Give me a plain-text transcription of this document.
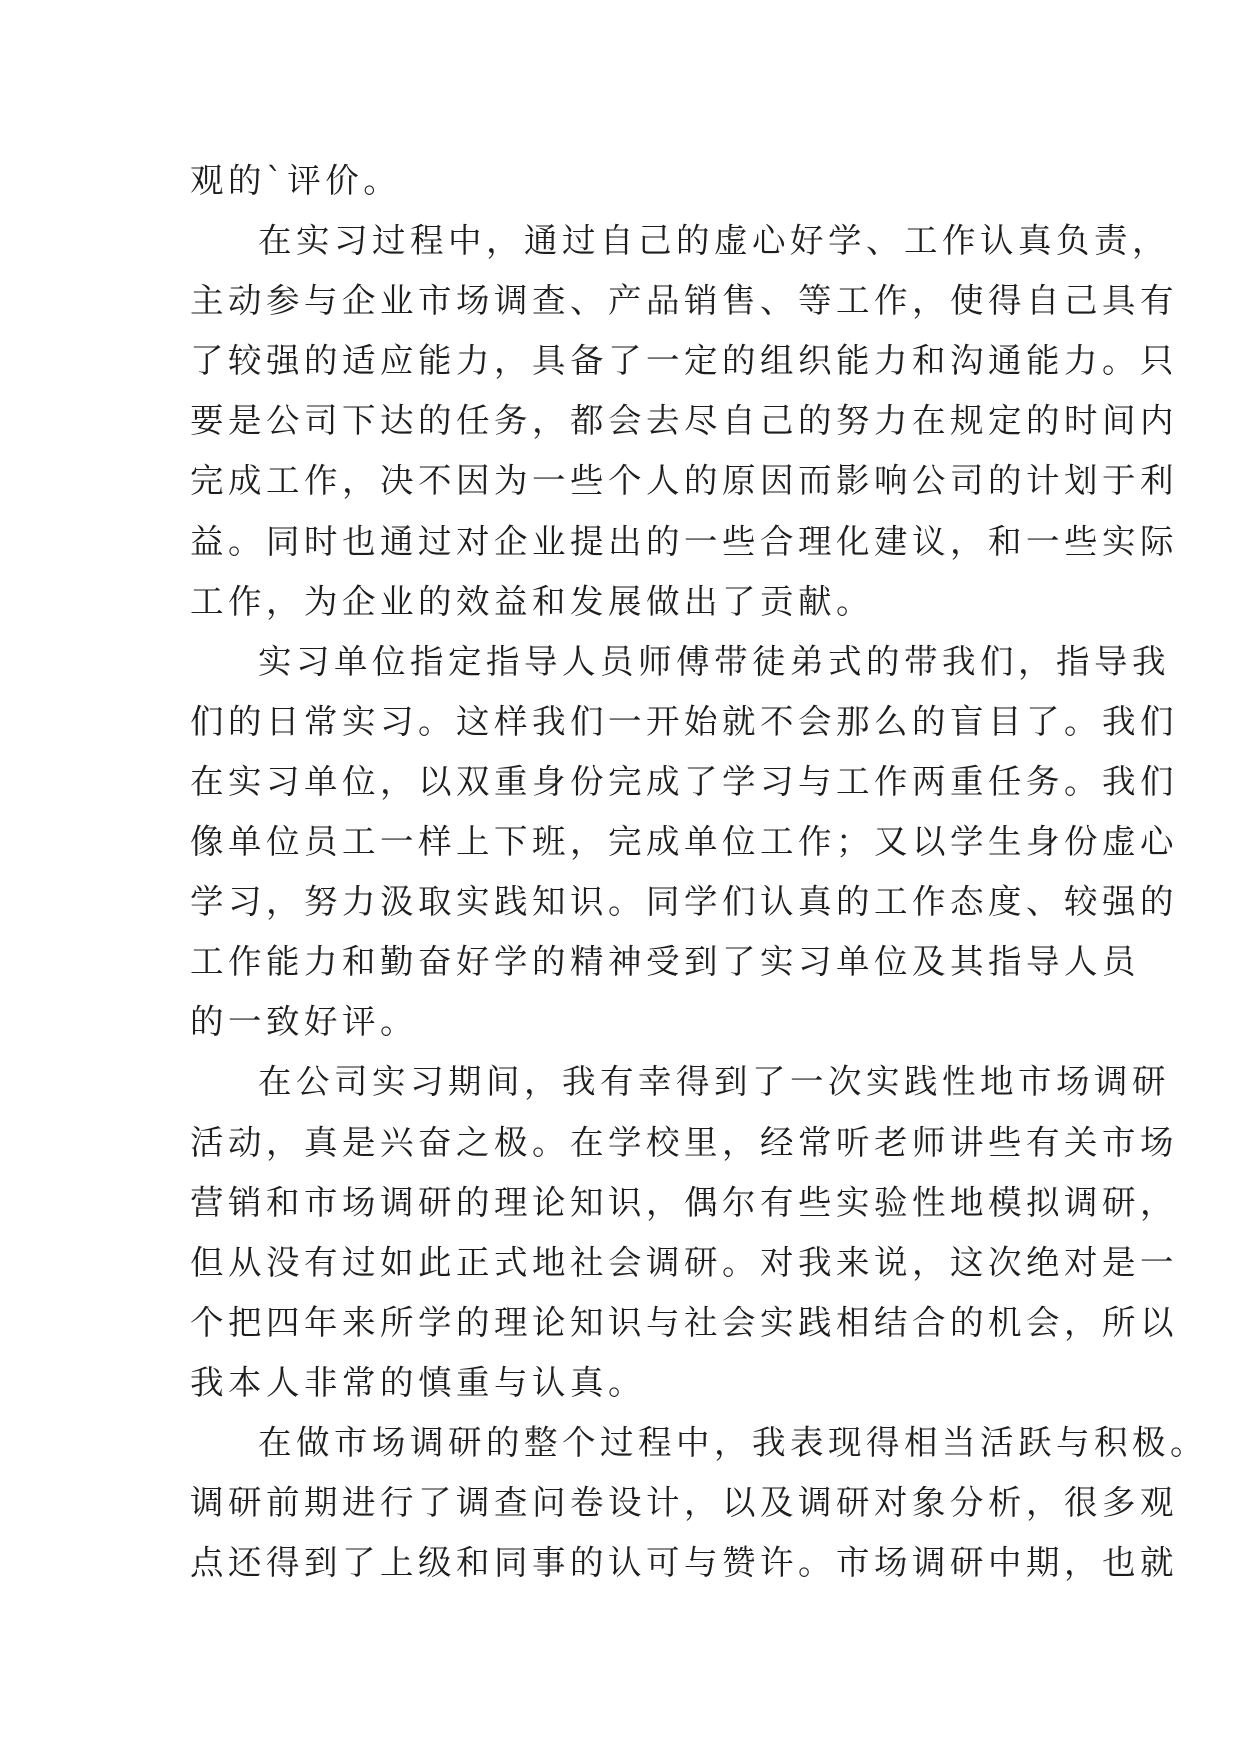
观的`评价。
在实习过程中，通过自己的虚心好学、工作认真负责，
主动参与企业市场调查、产品销售、等工作，使得自己具有
了较强的适应能力，具备了一定的组织能力和沟通能力。只
要是公司下达的任务，都会去尽自己的努力在规定的时间内
完成工作，决不因为一些个人的原因而影响公司的计划于利
益。同时也通过对企业提出的一些合理化建议，和一些实际
工作，为企业的效益和发展做出了贡献。
实习单位指定指导人员师傅带徒弟式的带我们，指导我
们的日常实习。这样我们一开始就不会那么的盲目了。我们
在实习单位，以双重身份完成了学习与工作两重任务。我们
像单位员工一样上下班，完成单位工作；又以学生身份虚心
学习，努力汲取实践知识。同学们认真的工作态度、较强的
工作能力和勤奋好学的精神受到了实习单位及其指导人员
的一致好评。
在公司实习期间，我有幸得到了一次实践性地市场调研
活动，真是兴奋之极。在学校里，经常听老师讲些有关市场
营销和市场调研的理论知识，偶尔有些实验性地模拟调研，
但从没有过如此正式地社会调研。对我来说，这次绝对是一
个把四年来所学的理论知识与社会实践相结合的机会，所以
我本人非常的慎重与认真。
在做市场调研的整个过程中，我表现得相当活跃与积极。
调研前期进行了调查问卷设计，以及调研对象分析，很多观
点还得到了上级和同事的认可与赞许。市场调研中期，也就
